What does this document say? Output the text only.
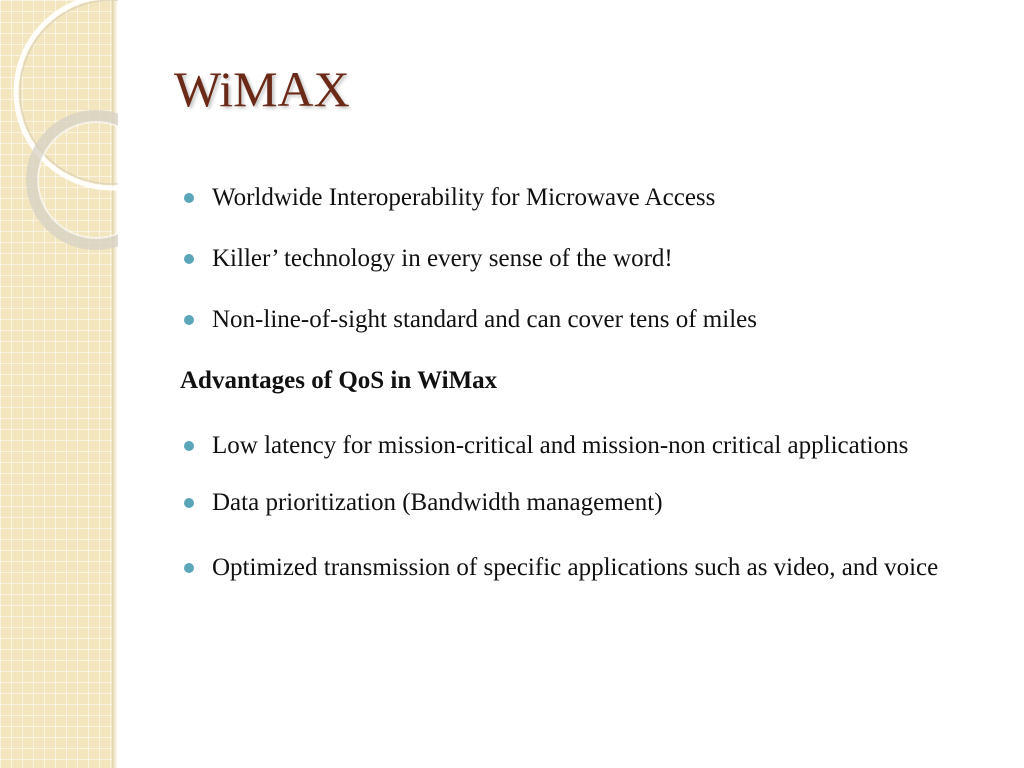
WiMAX
Worldwide Interoperability for Microwave Access
Killer’ technology in every sense of the word!
Non-line-of-sight standard and can cover tens of miles

Advantages of QoS in WiMax

Low latency for mission-critical and mission-non critical applications
Data prioritization (Bandwidth management)
Optimized transmission of specific applications such as video, and voice
